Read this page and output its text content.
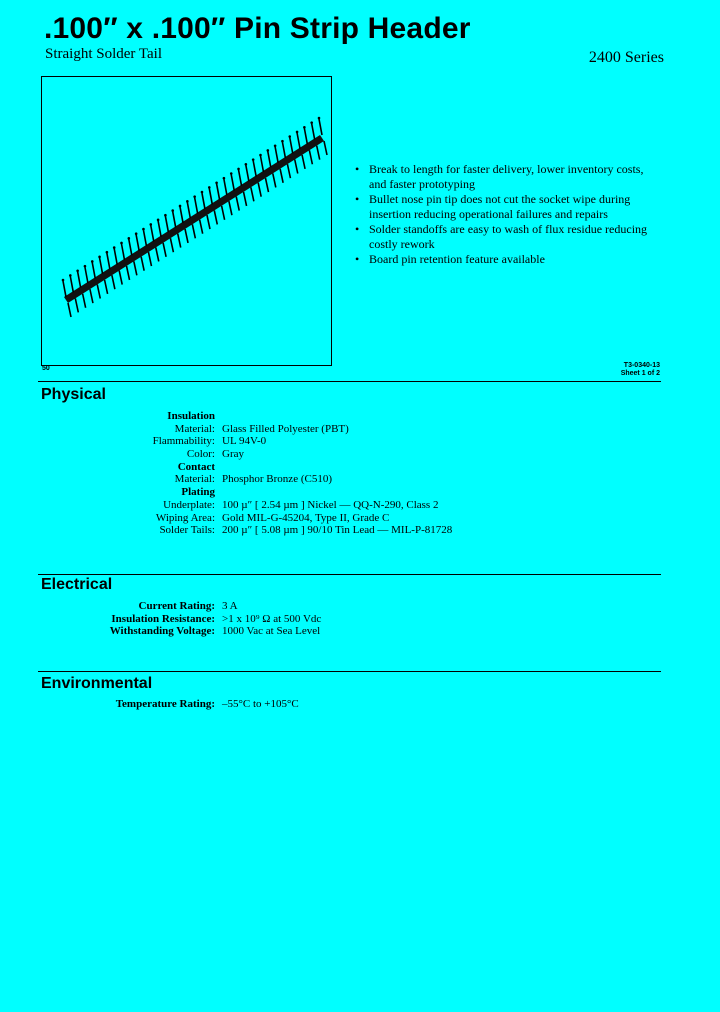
.100″ x .100″ Pin Strip Header
Straight Solder Tail	2400 Series
50	T3-0340-13
Sheet 1 of 2
• Break to length for faster delivery, lower inventory costs, and faster prototyping
• Bullet nose pin tip does not cut the socket wipe during insertion reducing operational failures and repairs
• Solder standoffs are easy to wash of flux residue reducing costly rework
• Board pin retention feature available
Physical
Insulation
Material: Glass Filled Polyester (PBT)
Flammability: UL 94V-0
Color: Gray
Contact
Material: Phosphor Bronze (C510)
Plating
Underplate: 100 µ″ [ 2.54 µm ] Nickel — QQ-N-290, Class 2
Wiping Area: Gold MIL-G-45204, Type II, Grade C
Solder Tails: 200 µ″ [ 5.08 µm ] 90/10 Tin Lead — MIL-P-81728
Electrical
Current Rating: 3 A
Insulation Resistance: >1 x 10⁹ Ω at 500 Vdc
Withstanding Voltage: 1000 Vac at Sea Level
Environmental
Temperature Rating: –55°C to +105°C
